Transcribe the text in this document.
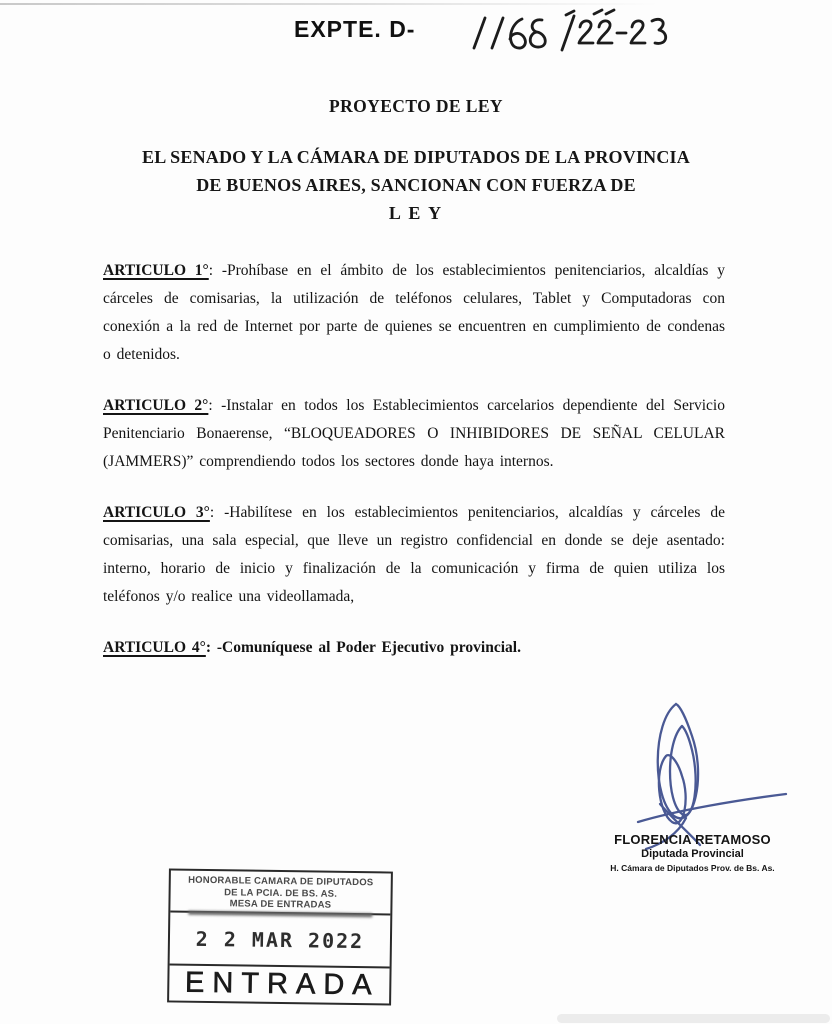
EXPTE. D-
PROYECTO DE LEY
EL SENADO Y LA CÁMARA DE DIPUTADOS DE LA PROVINCIA
DE BUENOS AIRES, SANCIONAN CON FUERZA DE
L E Y

ARTICULO 1°: -Prohíbase en el ámbito de los establecimientos penitenciarios, alcaldías y cárceles de comisarias, la utilización de teléfonos celulares, Tablet y Computadoras con conexión a la red de Internet por parte de quienes se encuentren en cumplimiento de condenas o detenidos.

ARTICULO 2°: -Instalar en todos los Establecimientos carcelarios dependiente del Servicio Penitenciario Bonaerense, “BLOQUEADORES O INHIBIDORES DE SEÑAL CELULAR (JAMMERS)” comprendiendo todos los sectores donde haya internos.

ARTICULO 3°: -Habilítese en los establecimientos penitenciarios, alcaldías y cárceles de comisarias, una sala especial, que lleve un registro confidencial en donde se deje asentado: interno, horario de inicio y finalización de la comunicación y firma de quien utiliza los teléfonos y/o realice una videollamada,

ARTICULO 4°: -Comuníquese al Poder Ejecutivo provincial.

FLORENCIA RETAMOSO
Diputada Provincial
H. Cámara de Diputados Prov. de Bs. As.
HONORABLE CAMARA DE DIPUTADOS
DE LA PCIA. DE BS. AS.
MESA DE ENTRADAS
2 2 MAR 2022
ENTRADA
